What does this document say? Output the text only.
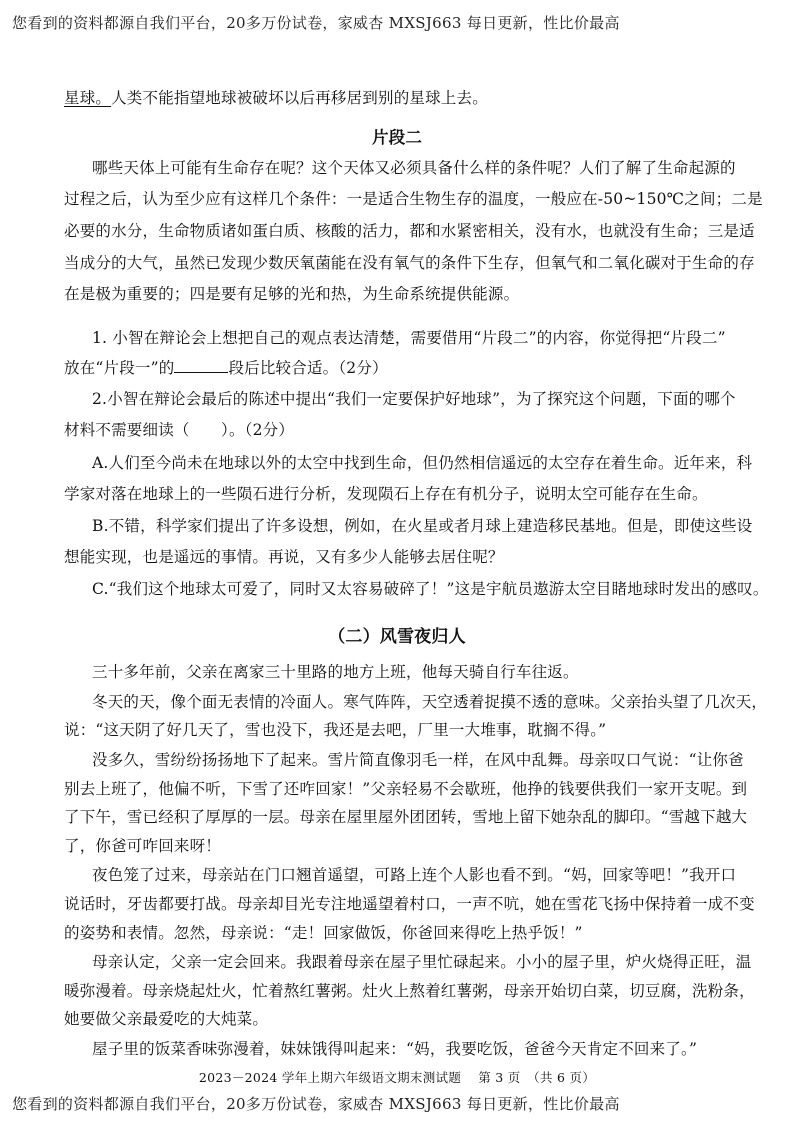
您看到的资料都源自我们平台，20多万份试卷，家威杏 MXSJ663 每日更新，性比价最高
星球。人类不能指望地球被破坏以后再移居到别的星球上去。
片段二
哪些天体上可能有生命存在呢？这个天体又必须具备什么样的条件呢？人们了解了生命起源的
过程之后，认为至少应有这样几个条件：一是适合生物生存的温度，一般应在-50~150℃之间；二是
必要的水分，生命物质诸如蛋白质、核酸的活力，都和水紧密相关，没有水，也就没有生命；三是适
当成分的大气，虽然已发现少数厌氧菌能在没有氧气的条件下生存，但氧气和二氧化碳对于生命的存
在是极为重要的；四是要有足够的光和热，为生命系统提供能源。
1. 小智在辩论会上想把自己的观点表达清楚，需要借用“片段二”的内容，你觉得把“片段二”
放在“片段一”的	段后比较合适。（2分）
2.小智在辩论会最后的陈述中提出“我们一定要保护好地球”，为了探究这个问题，下面的哪个
材料不需要细读（　　）。（2分）
A.人们至今尚未在地球以外的太空中找到生命，但仍然相信遥远的太空存在着生命。近年来，科
学家对落在地球上的一些陨石进行分析，发现陨石上存在有机分子，说明太空可能存在生命。
B.不错，科学家们提出了许多设想，例如，在火星或者月球上建造移民基地。但是，即使这些设
想能实现，也是遥远的事情。再说，又有多少人能够去居住呢？
C.“我们这个地球太可爱了，同时又太容易破碎了！”这是宇航员遨游太空目睹地球时发出的感叹。
（二）风雪夜归人
三十多年前，父亲在离家三十里路的地方上班，他每天骑自行车往返。
冬天的天，像个面无表情的冷面人。寒气阵阵，天空透着捉摸不透的意味。父亲抬头望了几次天，
说：“这天阴了好几天了，雪也没下，我还是去吧，厂里一大堆事，耽搁不得。”
没多久，雪纷纷扬扬地下了起来。雪片简直像羽毛一样，在风中乱舞。母亲叹口气说：“让你爸
别去上班了，他偏不听，下雪了还咋回家！”父亲轻易不会歇班，他挣的钱要供我们一家开支呢。到
了下午，雪已经积了厚厚的一层。母亲在屋里屋外团团转，雪地上留下她杂乱的脚印。“雪越下越大
了，你爸可咋回来呀！
夜色笼了过来，母亲站在门口翘首遥望，可路上连个人影也看不到。“妈，回家等吧！”我开口
说话时，牙齿都要打战。母亲却目光专注地遥望着村口，一声不吭，她在雪花飞扬中保持着一成不变
的姿势和表情。忽然，母亲说：“走！回家做饭，你爸回来得吃上热乎饭！”
母亲认定，父亲一定会回来。我跟着母亲在屋子里忙碌起来。小小的屋子里，炉火烧得正旺，温
暖弥漫着。母亲烧起灶火，忙着熬红薯粥。灶火上熬着红薯粥，母亲开始切白菜，切豆腐，洗粉条，
她要做父亲最爱吃的大炖菜。
屋子里的饭菜香味弥漫着，妹妹饿得叫起来：“妈，我要吃饭，爸爸今天肯定不回来了。”
2023－2024 学年上期六年级语文期末测试题　 第 3 页　（共 6 页）
您看到的资料都源自我们平台，20多万份试卷，家威杏 MXSJ663 每日更新，性比价最高
